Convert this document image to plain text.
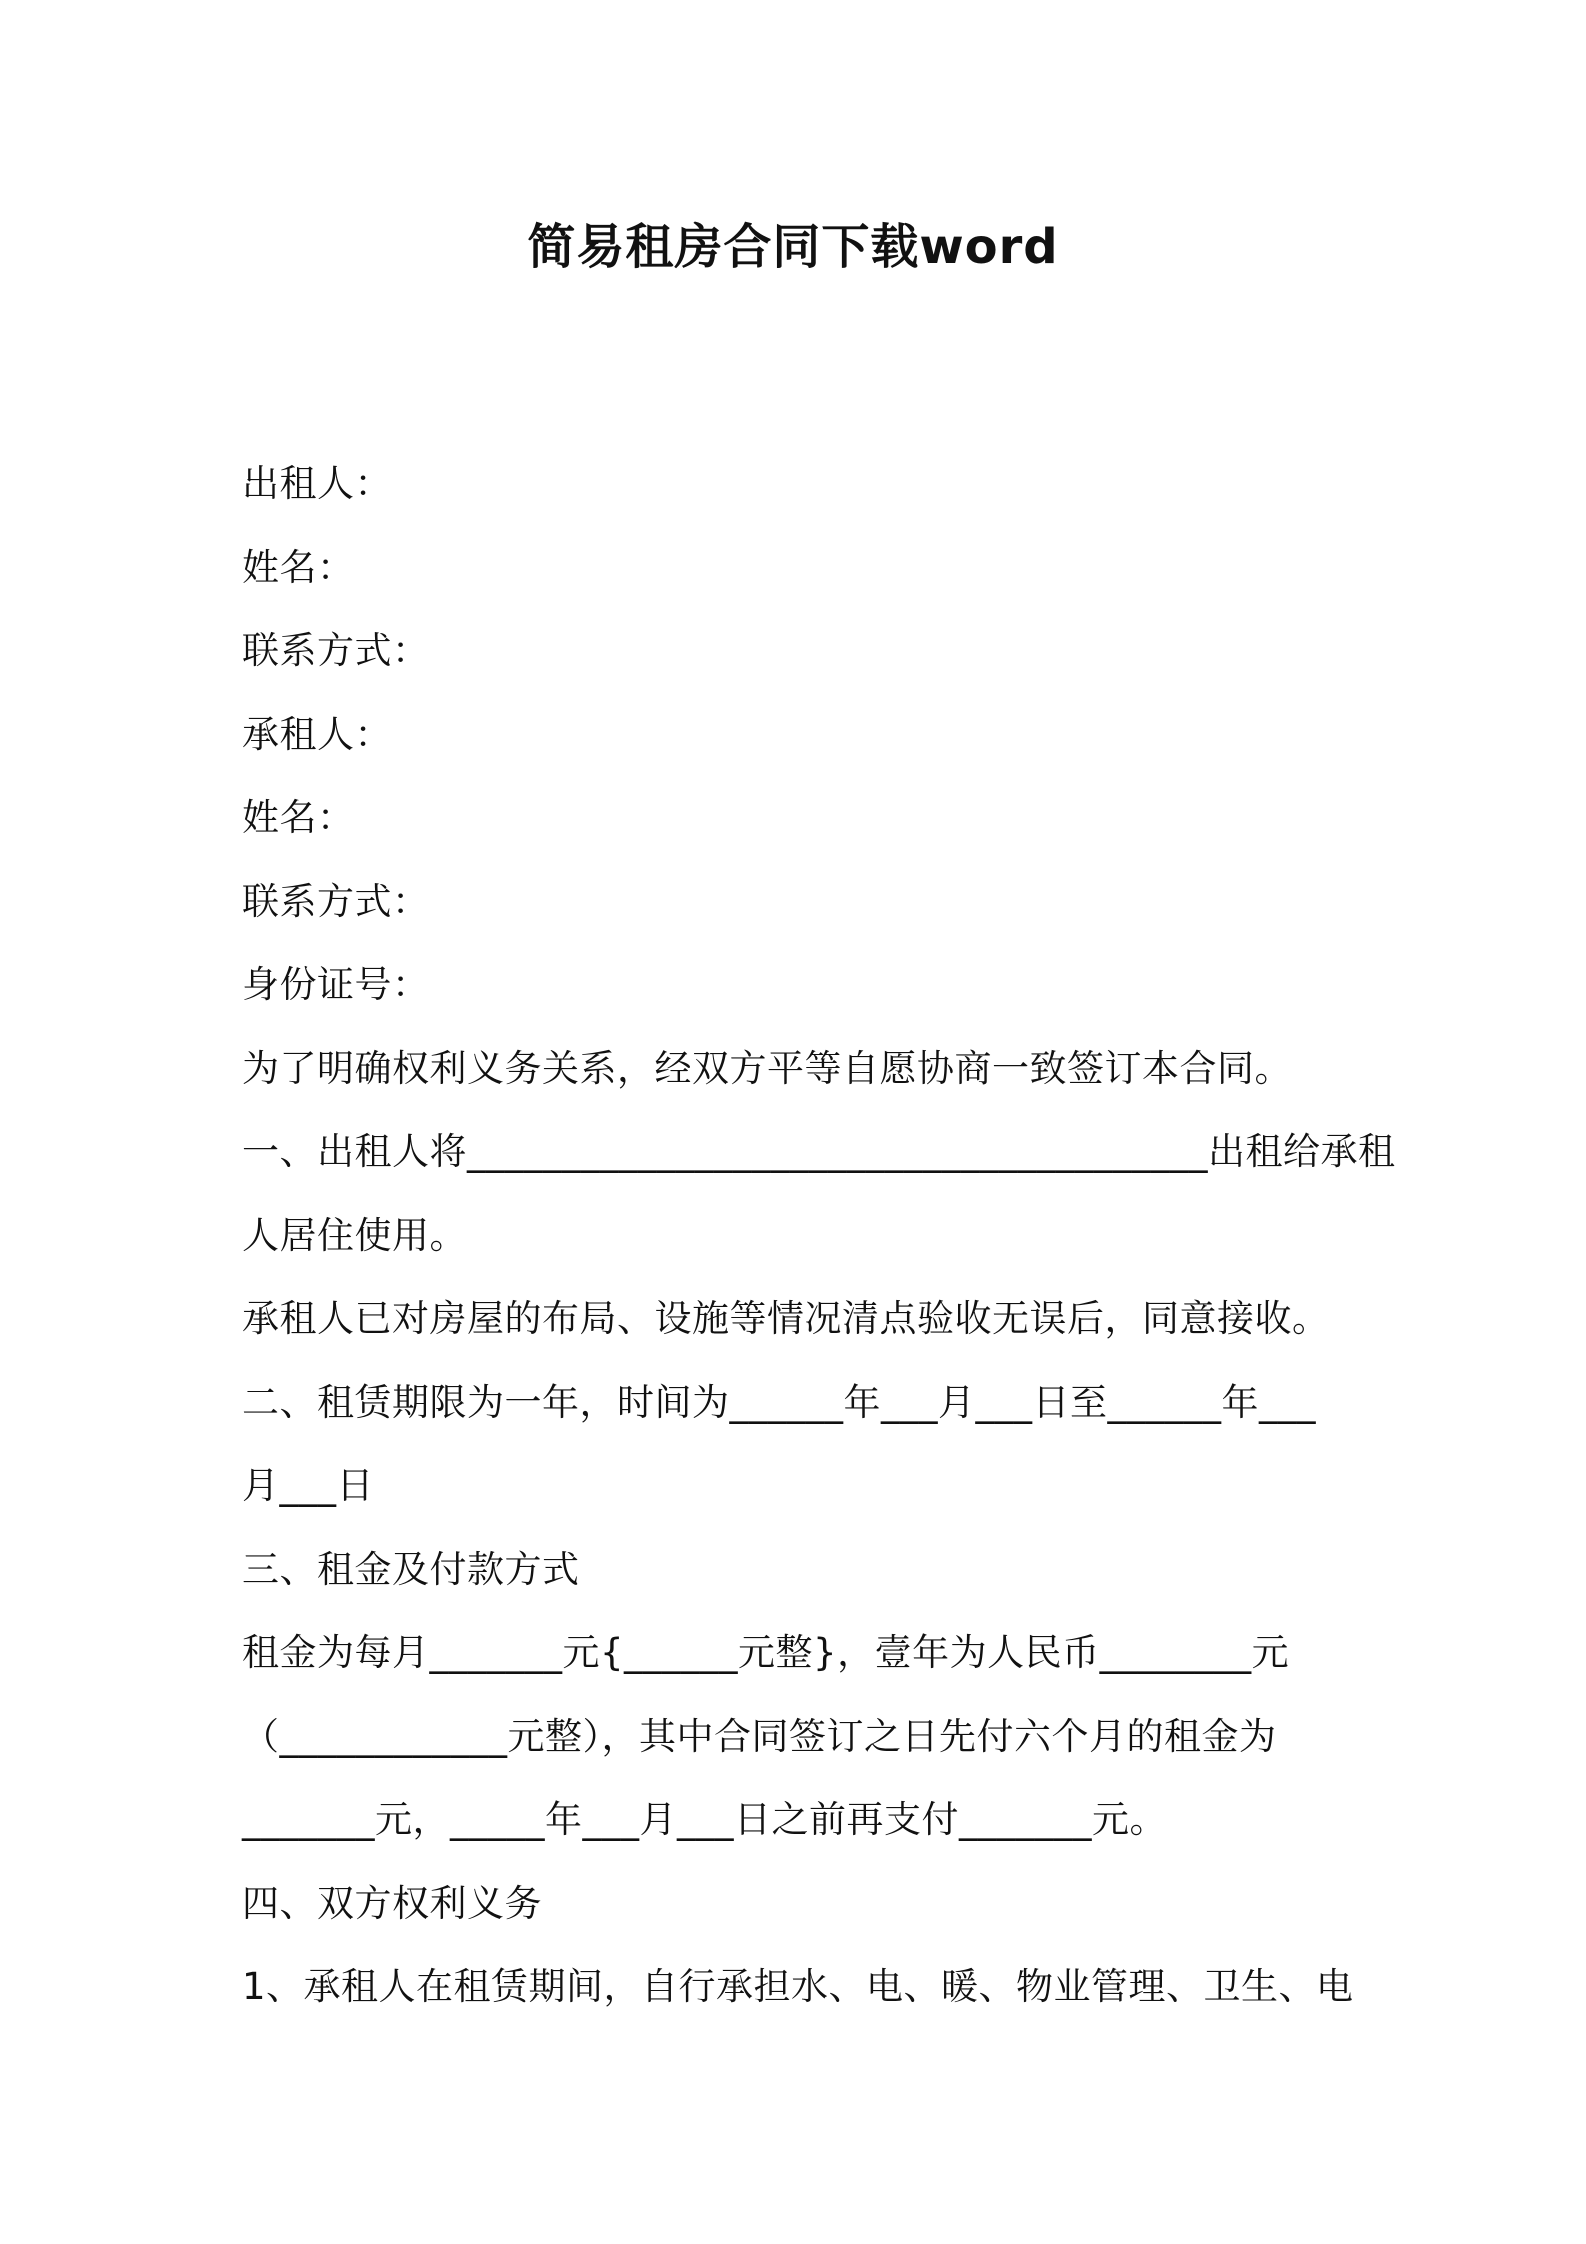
简易租房合同下载word
出租人：
姓名：
联系方式：
承租人：
姓名：
联系方式：
身份证号：
为了明确权利义务关系，经双方平等自愿协商一致签订本合同。
一、出租人将_______________________________________出租给承租
人居住使用。
承租人已对房屋的布局、设施等情况清点验收无误后，同意接收。
二、租赁期限为一年，时间为______年___月___日至______年___
月___日
三、租金及付款方式
租金为每月_______元{______元整}，壹年为人民币________元
（____________元整），其中合同签订之日先付六个月的租金为
_______元，_____年___月___日之前再支付_______元。
四、双方权利义务
1、承租人在租赁期间，自行承担水、电、暖、物业管理、卫生、电
